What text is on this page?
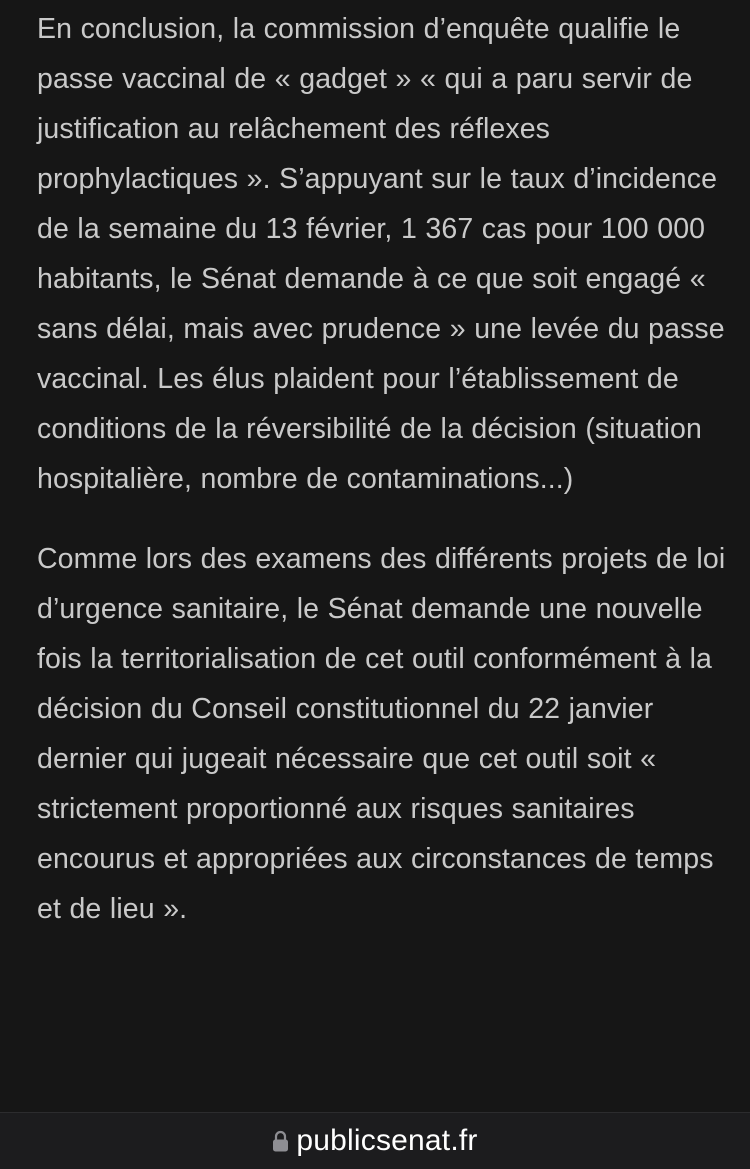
En conclusion, la commission d’enquête qualifie le passe vaccinal de « gadget » « qui a paru servir de justification au relâchement des réflexes prophylactiques ». S’appuyant sur le taux d’incidence de la semaine du 13 février, 1 367 cas pour 100 000 habitants, le Sénat demande à ce que soit engagé « sans délai, mais avec prudence » une levée du passe vaccinal. Les élus plaident pour l’établissement de conditions de la réversibilité de la décision (situation hospitalière, nombre de contaminations...)

Comme lors des examens des différents projets de loi d’urgence sanitaire, le Sénat demande une nouvelle fois la territorialisation de cet outil conformément à la décision du Conseil constitutionnel du 22 janvier dernier qui jugeait nécessaire que cet outil soit « strictement proportionné aux risques sanitaires encourus et appropriées aux circonstances de temps et de lieu ».

publicsenat.fr
